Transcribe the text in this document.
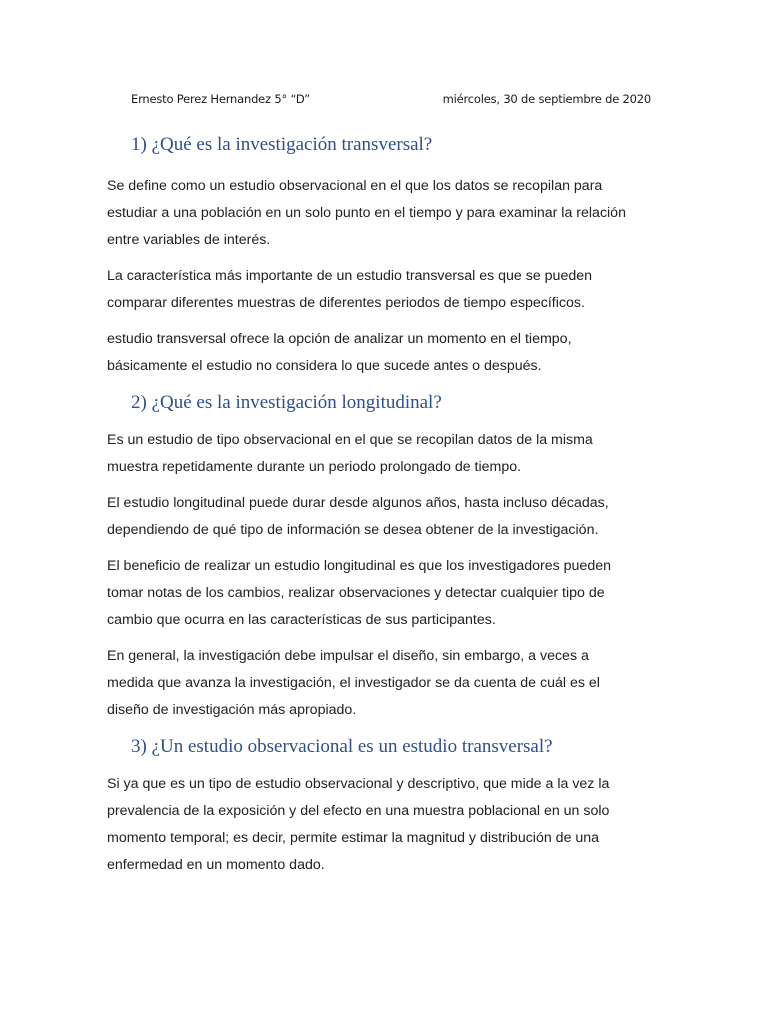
Ernesto Perez Hernandez 5° “D”	miércoles, 30 de septiembre de 2020
1) ¿Qué es la investigación transversal?

Se define como un estudio observacional en el que los datos se recopilan para
estudiar a una población en un solo punto en el tiempo y para examinar la relación
entre variables de interés.

La característica más importante de un estudio transversal es que se pueden
comparar diferentes muestras de diferentes periodos de tiempo específicos.

estudio transversal ofrece la opción de analizar un momento en el tiempo,
básicamente el estudio no considera lo que sucede antes o después.

2) ¿Qué es la investigación longitudinal?

Es un estudio de tipo observacional en el que se recopilan datos de la misma
muestra repetidamente durante un periodo prolongado de tiempo.

El estudio longitudinal puede durar desde algunos años, hasta incluso décadas,
dependiendo de qué tipo de información se desea obtener de la investigación.

El beneficio de realizar un estudio longitudinal es que los investigadores pueden
tomar notas de los cambios, realizar observaciones y detectar cualquier tipo de
cambio que ocurra en las características de sus participantes.

En general, la investigación debe impulsar el diseño, sin embargo, a veces a
medida que avanza la investigación, el investigador se da cuenta de cuál es el
diseño de investigación más apropiado.

3) ¿Un estudio observacional es un estudio transversal?

Si ya que es un tipo de estudio observacional y descriptivo, que mide a la vez la
prevalencia de la exposición y del efecto en una muestra poblacional en un solo
momento temporal; es decir, permite estimar la magnitud y distribución de una
enfermedad en un momento dado.
